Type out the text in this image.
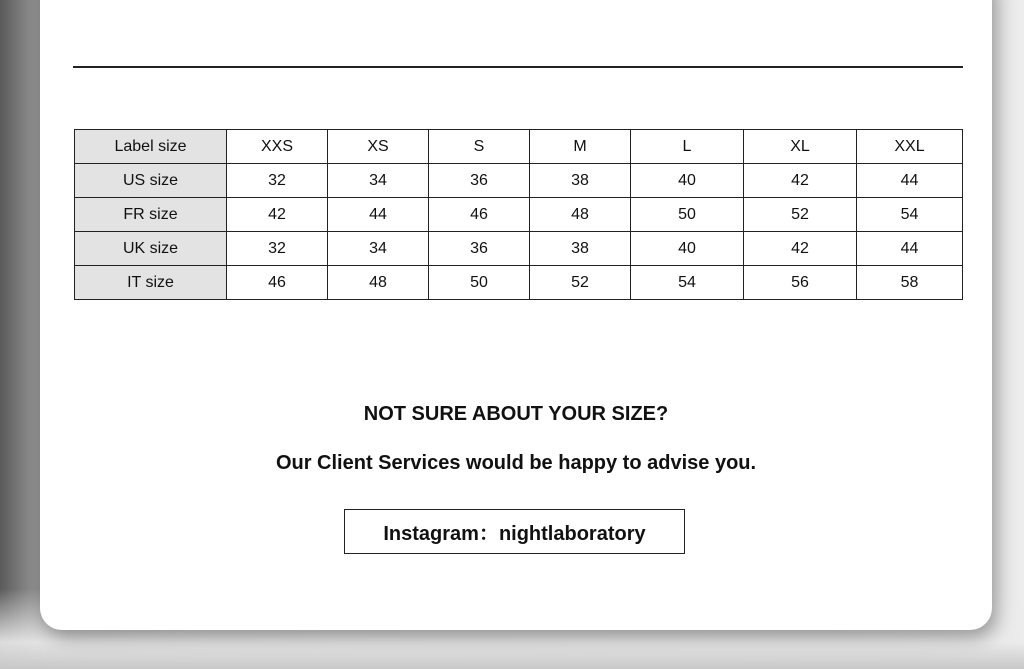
Label size	XXS	XS	S	M	L	XL	XXL
US size	32	34	36	38	40	42	44
FR size	42	44	46	48	50	52	54
UK size	32	34	36	38	40	42	44
IT size	46	48	50	52	54	56	58
NOT SURE ABOUT YOUR SIZE?
Our Client Services would be happy to advise you.
Instagram：nightlaboratory
